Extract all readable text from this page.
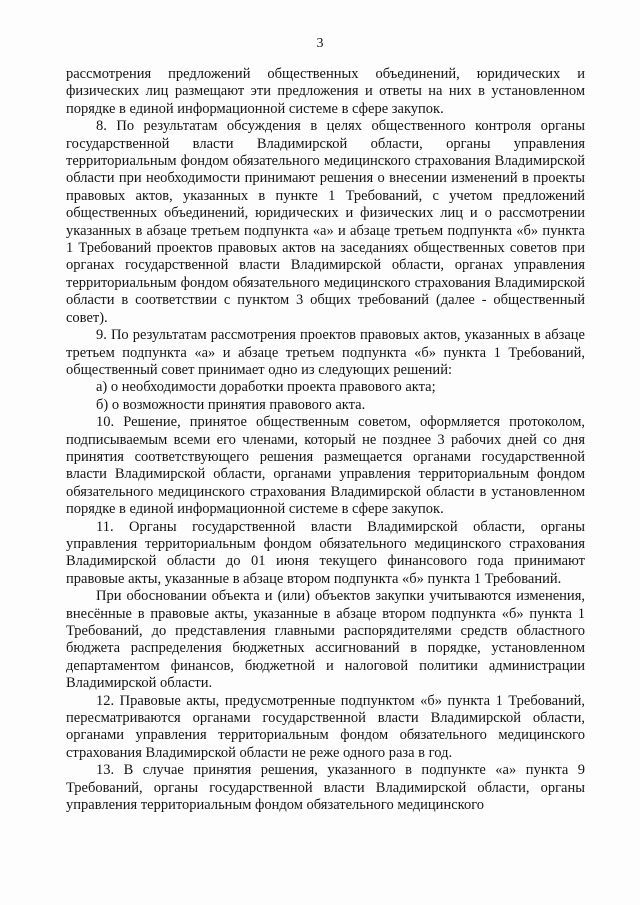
3

рассмотрения предложений общественных объединений, юридических и физических лиц размещают эти предложения и ответы на них в установленном порядке в единой информационной системе в сфере закупок.

8. По результатам обсуждения в целях общественного контроля органы государственной власти Владимирской области, органы управления территориальным фондом обязательного медицинского страхования Владимирской области при необходимости принимают решения о внесении изменений в проекты правовых актов, указанных в пункте 1 Требований, с учетом предложений общественных объединений, юридических и физических лиц и о рассмотрении указанных в абзаце третьем подпункта «а» и абзаце третьем подпункта «б» пункта 1 Требований проектов правовых актов на заседаниях общественных советов при органах государственной власти Владимирской области, органах управления территориальным фондом обязательного медицинского страхования Владимирской области в соответствии с пунктом 3 общих требований (далее - общественный совет).

9. По результатам рассмотрения проектов правовых актов, указанных в абзаце третьем подпункта «а» и абзаце третьем подпункта «б» пункта 1 Требований, общественный совет принимает одно из следующих решений:

а) о необходимости доработки проекта правового акта;

б) о возможности принятия правового акта.

10. Решение, принятое общественным советом, оформляется протоколом, подписываемым всеми его членами, который не позднее 3 рабочих дней со дня принятия соответствующего решения размещается органами государственной власти Владимирской области, органами управления территориальным фондом обязательного медицинского страхования Владимирской области в установленном порядке в единой информационной системе в сфере закупок.

11. Органы государственной власти Владимирской области, органы управления территориальным фондом обязательного медицинского страхования Владимирской области до 01 июня текущего финансового года принимают правовые акты, указанные в абзаце втором подпункта «б» пункта 1 Требований.

При обосновании объекта и (или) объектов закупки учитываются изменения, внесённые в правовые акты, указанные в абзаце втором подпункта «б» пункта 1 Требований, до представления главными распорядителями средств областного бюджета распределения бюджетных ассигнований в порядке, установленном департаментом финансов, бюджетной и налоговой политики администрации Владимирской области.

12. Правовые акты, предусмотренные подпунктом «б» пункта 1 Требований, пересматриваются органами государственной власти Владимирской области, органами управления территориальным фондом обязательного медицинского страхования Владимирской области не реже одного раза в год.

13. В случае принятия решения, указанного в подпункте «а» пункта 9 Требований, органы государственной власти Владимирской области, органы управления территориальным фондом обязательного медицинского
